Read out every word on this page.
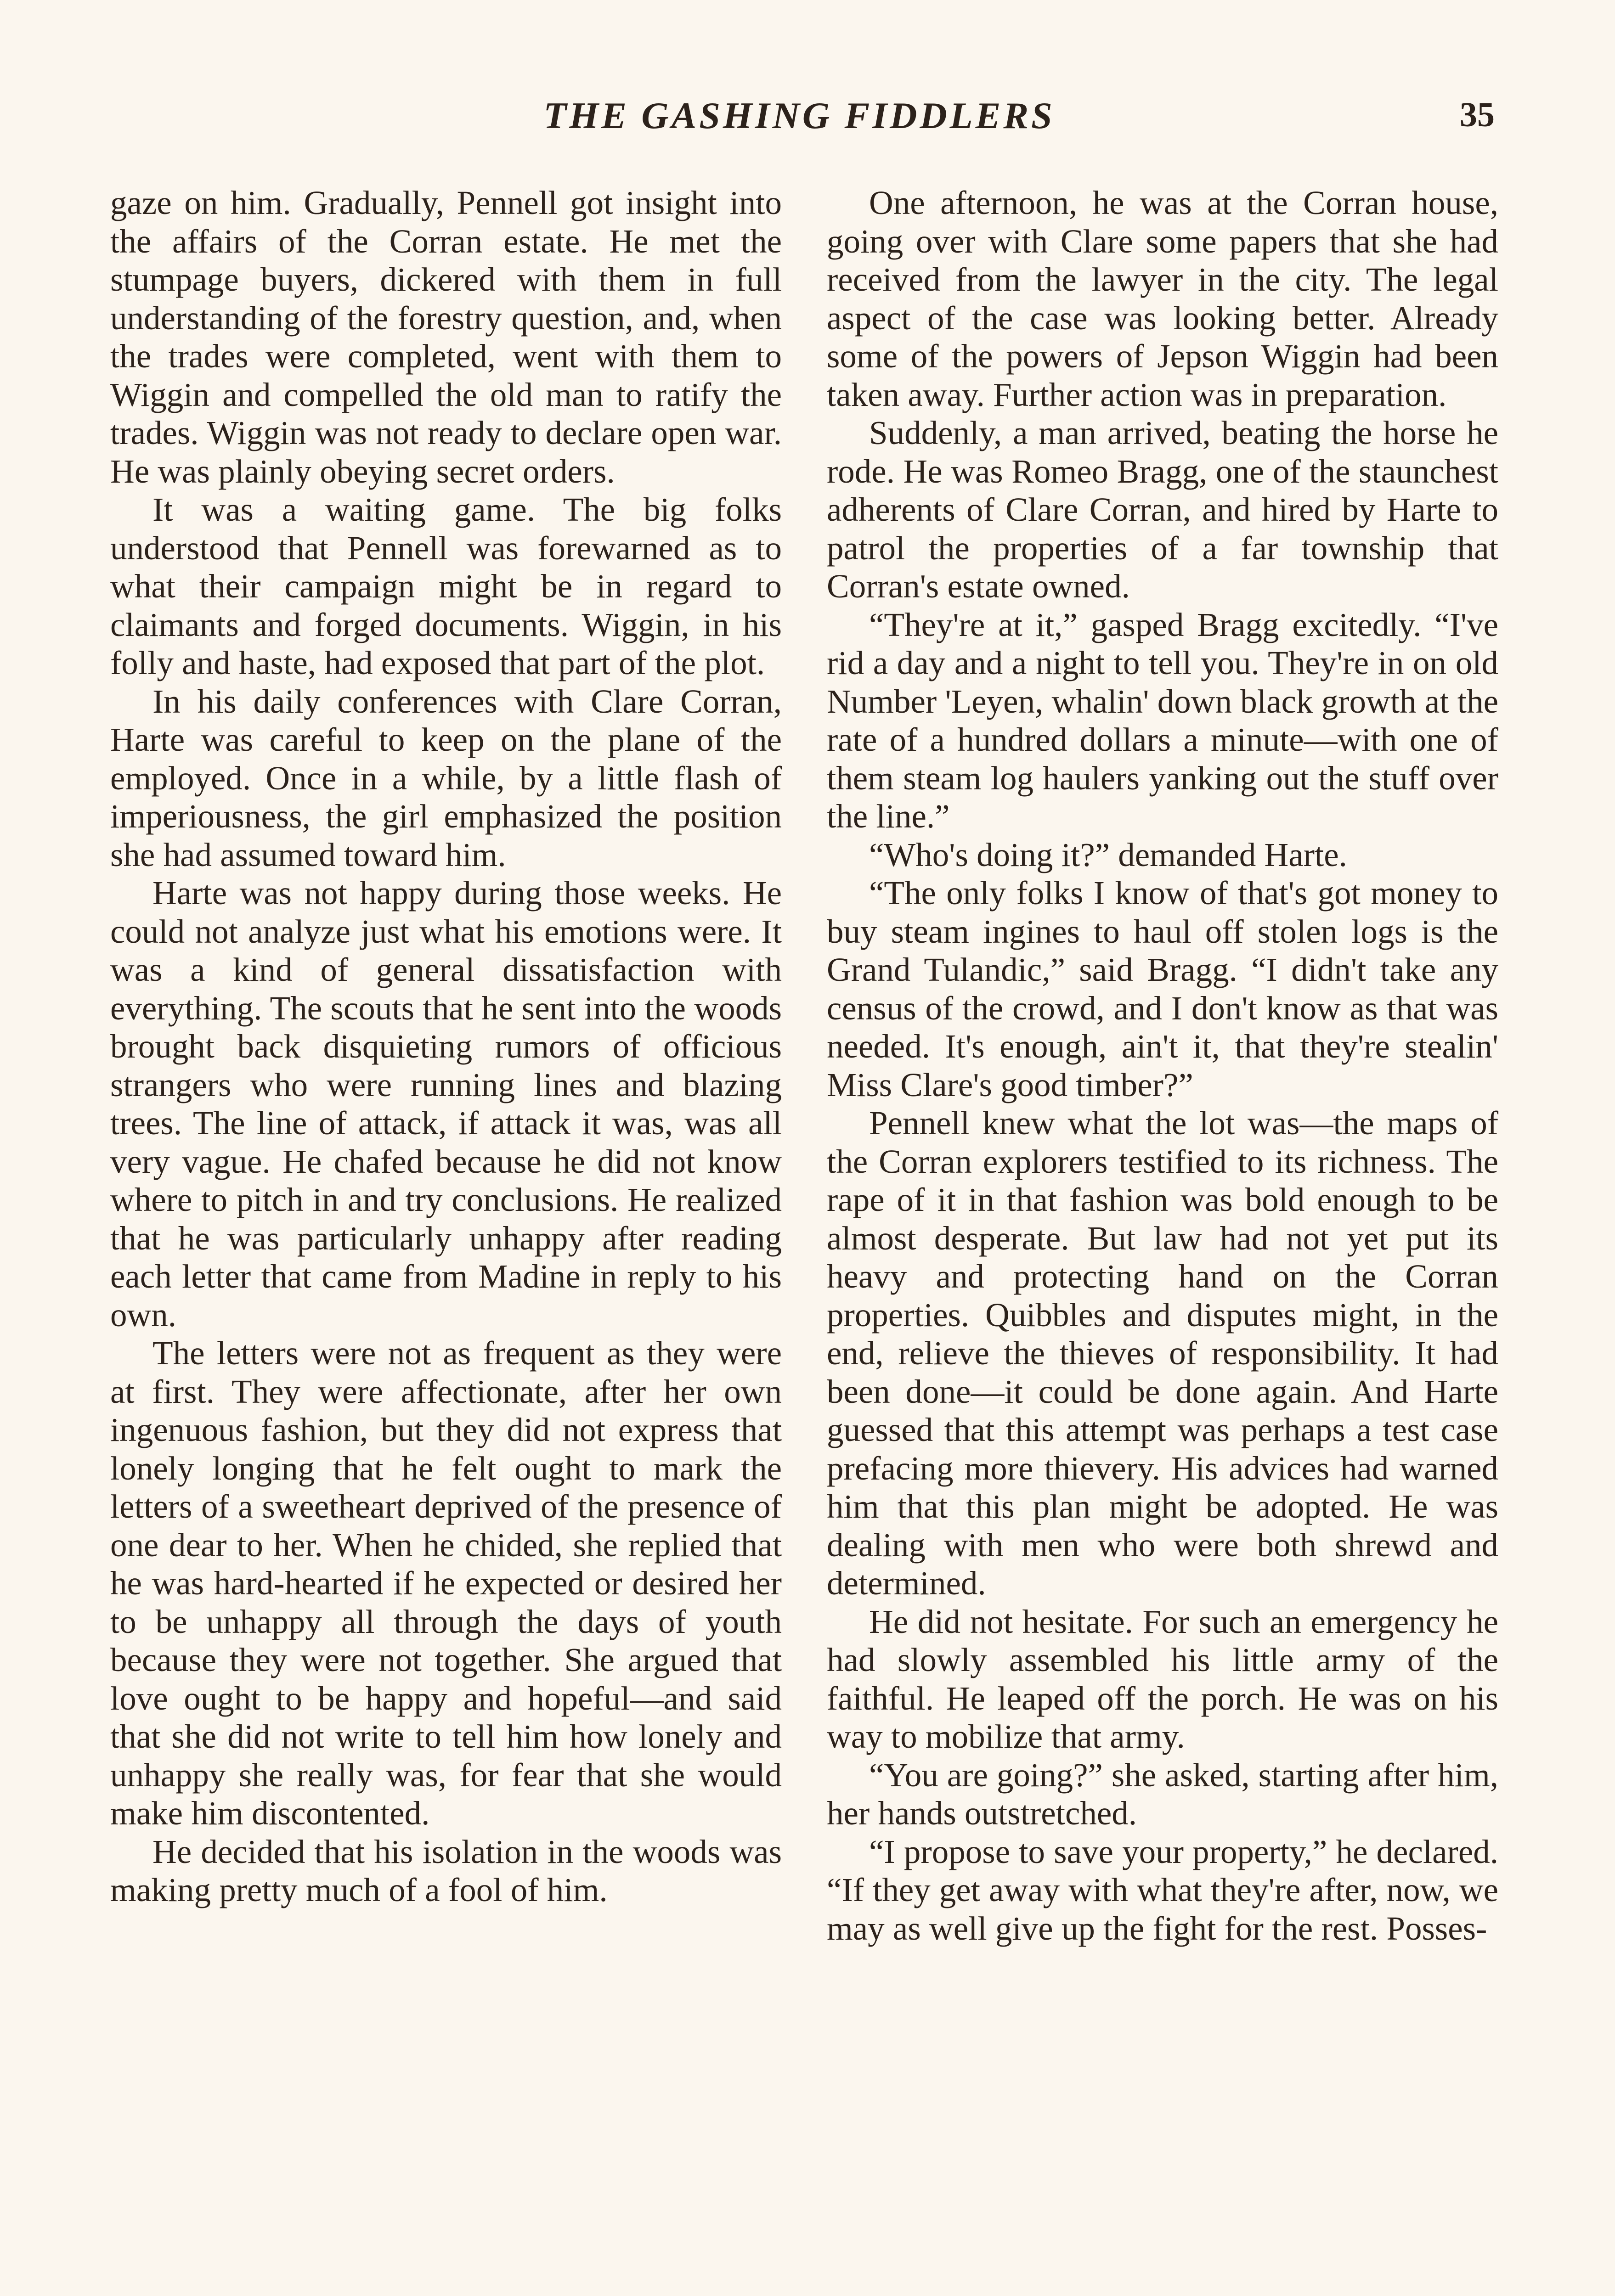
THE GASHING FIDDLERS	35

gaze on him. Gradually, Pennell got insight into the affairs of the Corran estate. He met the stumpage buyers, dickered with them in full understanding of the forestry question, and, when the trades were completed, went with them to Wiggin and compelled the old man to ratify the trades. Wiggin was not ready to declare open war. He was plainly obeying secret orders.

It was a waiting game. The big folks understood that Pennell was forewarned as to what their campaign might be in regard to claimants and forged documents. Wiggin, in his folly and haste, had exposed that part of the plot.

In his daily conferences with Clare Corran, Harte was careful to keep on the plane of the employed. Once in a while, by a little flash of imperiousness, the girl emphasized the position she had assumed toward him.

Harte was not happy during those weeks. He could not analyze just what his emotions were. It was a kind of general dissatisfaction with everything. The scouts that he sent into the woods brought back disquieting rumors of officious strangers who were running lines and blazing trees. The line of attack, if attack it was, was all very vague. He chafed because he did not know where to pitch in and try conclusions. He realized that he was particularly unhappy after reading each letter that came from Madine in reply to his own.

The letters were not as frequent as they were at first. They were affectionate, after her own ingenuous fashion, but they did not express that lonely longing that he felt ought to mark the letters of a sweetheart deprived of the presence of one dear to her. When he chided, she replied that he was hard-hearted if he expected or desired her to be unhappy all through the days of youth because they were not together. She argued that love ought to be happy and hopeful—and said that she did not write to tell him how lonely and unhappy she really was, for fear that she would make him discontented.

He decided that his isolation in the woods was making pretty much of a fool of him.

One afternoon, he was at the Corran house, going over with Clare some papers that she had received from the lawyer in the city. The legal aspect of the case was looking better. Already some of the powers of Jepson Wiggin had been taken away. Further action was in preparation.

Suddenly, a man arrived, beating the horse he rode. He was Romeo Bragg, one of the staunchest adherents of Clare Corran, and hired by Harte to patrol the properties of a far township that Corran's estate owned.

“They're at it,” gasped Bragg excitedly. “I've rid a day and a night to tell you. They're in on old Number 'Leyen, whalin' down black growth at the rate of a hundred dollars a minute—with one of them steam log haulers yanking out the stuff over the line.”

“Who's doing it?” demanded Harte.

“The only folks I know of that's got money to buy steam ingines to haul off stolen logs is the Grand Tulandic,” said Bragg. “I didn't take any census of the crowd, and I don't know as that was needed. It's enough, ain't it, that they're stealin' Miss Clare's good timber?”

Pennell knew what the lot was—the maps of the Corran explorers testified to its richness. The rape of it in that fashion was bold enough to be almost desperate. But law had not yet put its heavy and protecting hand on the Corran properties. Quibbles and disputes might, in the end, relieve the thieves of responsibility. It had been done—it could be done again. And Harte guessed that this attempt was perhaps a test case prefacing more thievery. His advices had warned him that this plan might be adopted. He was dealing with men who were both shrewd and determined.

He did not hesitate. For such an emergency he had slowly assembled his little army of the faithful. He leaped off the porch. He was on his way to mobilize that army.

“You are going?” she asked, starting after him, her hands outstretched.

“I propose to save your property,” he declared. “If they get away with what they're after, now, we may as well give up the fight for the rest. Posses-
